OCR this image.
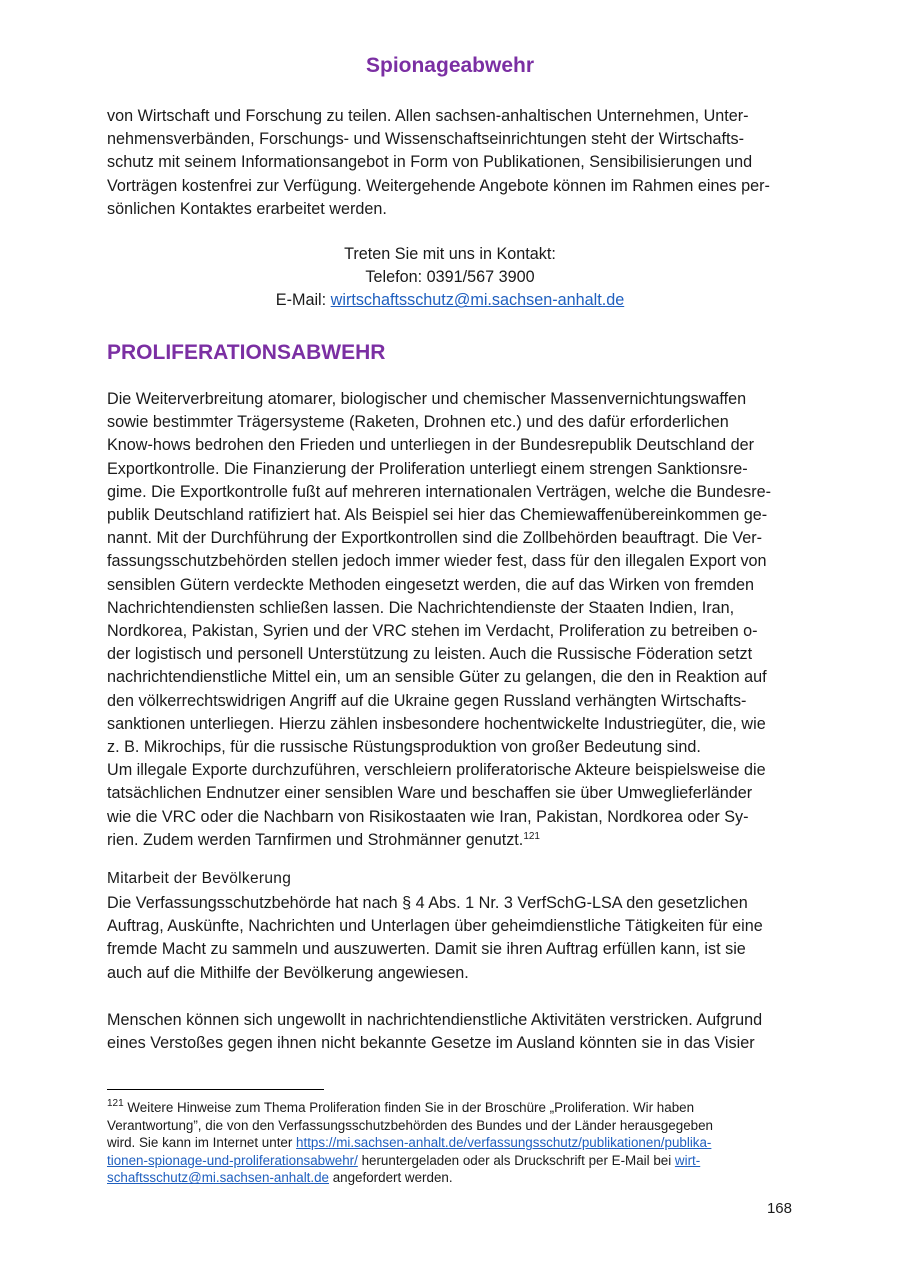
Spionageabwehr
von Wirtschaft und Forschung zu teilen. Allen sachsen-anhaltischen Unternehmen, Unter-
nehmensverbänden, Forschungs- und Wissenschaftseinrichtungen steht der Wirtschafts-
schutz mit seinem Informationsangebot in Form von Publikationen, Sensibilisierungen und
Vorträgen kostenfrei zur Verfügung. Weitergehende Angebote können im Rahmen eines per-
sönlichen Kontaktes erarbeitet werden.
Treten Sie mit uns in Kontakt:
Telefon: 0391/567 3900
E-Mail: wirtschaftsschutz@mi.sachsen-anhalt.de
PROLIFERATIONSABWEHR
Die Weiterverbreitung atomarer, biologischer und chemischer Massenvernichtungswaffen
sowie bestimmter Trägersysteme (Raketen, Drohnen etc.) und des dafür erforderlichen
Know-hows bedrohen den Frieden und unterliegen in der Bundesrepublik Deutschland der
Exportkontrolle. Die Finanzierung der Proliferation unterliegt einem strengen Sanktionsre-
gime. Die Exportkontrolle fußt auf mehreren internationalen Verträgen, welche die Bundesre-
publik Deutschland ratifiziert hat. Als Beispiel sei hier das Chemiewaffenübereinkommen ge-
nannt. Mit der Durchführung der Exportkontrollen sind die Zollbehörden beauftragt. Die Ver-
fassungsschutzbehörden stellen jedoch immer wieder fest, dass für den illegalen Export von
sensiblen Gütern verdeckte Methoden eingesetzt werden, die auf das Wirken von fremden
Nachrichtendiensten schließen lassen. Die Nachrichtendienste der Staaten Indien, Iran,
Nordkorea, Pakistan, Syrien und der VRC stehen im Verdacht, Proliferation zu betreiben o-
der logistisch und personell Unterstützung zu leisten. Auch die Russische Föderation setzt
nachrichtendienstliche Mittel ein, um an sensible Güter zu gelangen, die den in Reaktion auf
den völkerrechtswidrigen Angriff auf die Ukraine gegen Russland verhängten Wirtschafts-
sanktionen unterliegen. Hierzu zählen insbesondere hochentwickelte Industriegüter, die, wie
z. B. Mikrochips, für die russische Rüstungsproduktion von großer Bedeutung sind.
Um illegale Exporte durchzuführen, verschleiern proliferatorische Akteure beispielsweise die
tatsächlichen Endnutzer einer sensiblen Ware und beschaffen sie über Umweglieferländer
wie die VRC oder die Nachbarn von Risikostaaten wie Iran, Pakistan, Nordkorea oder Sy-
rien. Zudem werden Tarnfirmen und Strohmänner genutzt.$^{121}$
Mitarbeit der Bevölkerung
Die Verfassungsschutzbehörde hat nach § 4 Abs. 1 Nr. 3 VerfSchG-LSA den gesetzlichen
Auftrag, Auskünfte, Nachrichten und Unterlagen über geheimdienstliche Tätigkeiten für eine
fremde Macht zu sammeln und auszuwerten. Damit sie ihren Auftrag erfüllen kann, ist sie
auch auf die Mithilfe der Bevölkerung angewiesen.
Menschen können sich ungewollt in nachrichtendienstliche Aktivitäten verstricken. Aufgrund
eines Verstoßes gegen ihnen nicht bekannte Gesetze im Ausland könnten sie in das Visier
$^{121}$ Weitere Hinweise zum Thema Proliferation finden Sie in der Broschüre „Proliferation. Wir haben
Verantwortung”, die von den Verfassungsschutzbehörden des Bundes und der Länder herausgegeben
wird. Sie kann im Internet unter https://mi.sachsen-anhalt.de/verfassungsschutz/publikationen/publika-
tionen-spionage-und-proliferationsabwehr/ heruntergeladen oder als Druckschrift per E-Mail bei wirt-
schaftsschutz@mi.sachsen-anhalt.de angefordert werden.
168
